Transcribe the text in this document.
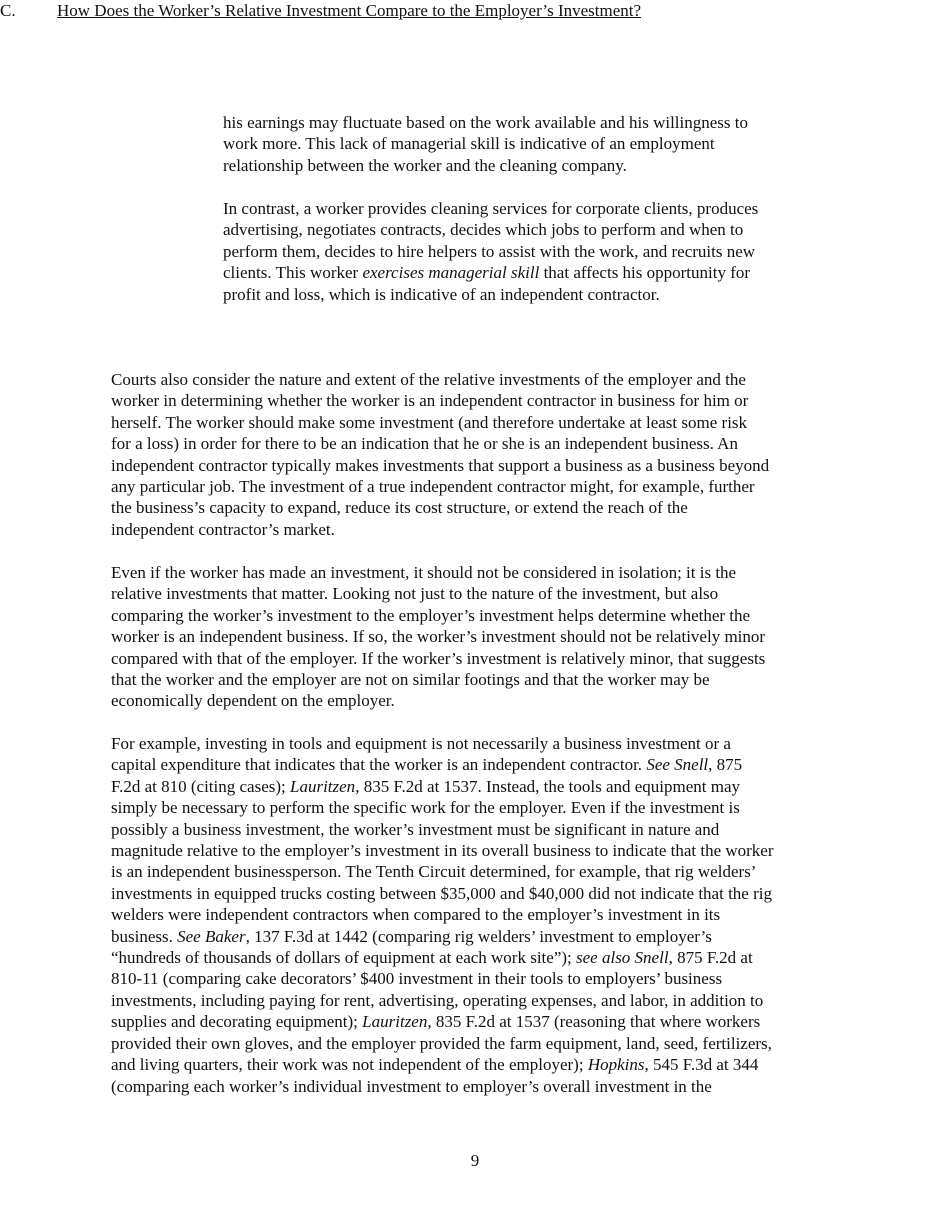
his earnings may fluctuate based on the work available and his willingness to
work more. This lack of managerial skill is indicative of an employment
relationship between the worker and the cleaning company.

In contrast, a worker provides cleaning services for corporate clients, produces
advertising, negotiates contracts, decides which jobs to perform and when to
perform them, decides to hire helpers to assist with the work, and recruits new
clients. This worker exercises managerial skill that affects his opportunity for
profit and loss, which is indicative of an independent contractor.

C. How Does the Worker’s Relative Investment Compare to the Employer’s Investment?

Courts also consider the nature and extent of the relative investments of the employer and the
worker in determining whether the worker is an independent contractor in business for him or
herself. The worker should make some investment (and therefore undertake at least some risk
for a loss) in order for there to be an indication that he or she is an independent business. An
independent contractor typically makes investments that support a business as a business beyond
any particular job. The investment of a true independent contractor might, for example, further
the business’s capacity to expand, reduce its cost structure, or extend the reach of the
independent contractor’s market.

Even if the worker has made an investment, it should not be considered in isolation; it is the
relative investments that matter. Looking not just to the nature of the investment, but also
comparing the worker’s investment to the employer’s investment helps determine whether the
worker is an independent business. If so, the worker’s investment should not be relatively minor
compared with that of the employer. If the worker’s investment is relatively minor, that suggests
that the worker and the employer are not on similar footings and that the worker may be
economically dependent on the employer.

For example, investing in tools and equipment is not necessarily a business investment or a
capital expenditure that indicates that the worker is an independent contractor. See Snell, 875
F.2d at 810 (citing cases); Lauritzen, 835 F.2d at 1537. Instead, the tools and equipment may
simply be necessary to perform the specific work for the employer. Even if the investment is
possibly a business investment, the worker’s investment must be significant in nature and
magnitude relative to the employer’s investment in its overall business to indicate that the worker
is an independent businessperson. The Tenth Circuit determined, for example, that rig welders’
investments in equipped trucks costing between $35,000 and $40,000 did not indicate that the rig
welders were independent contractors when compared to the employer’s investment in its
business. See Baker, 137 F.3d at 1442 (comparing rig welders’ investment to employer’s
“hundreds of thousands of dollars of equipment at each work site”); see also Snell, 875 F.2d at
810-11 (comparing cake decorators’ $400 investment in their tools to employers’ business
investments, including paying for rent, advertising, operating expenses, and labor, in addition to
supplies and decorating equipment); Lauritzen, 835 F.2d at 1537 (reasoning that where workers
provided their own gloves, and the employer provided the farm equipment, land, seed, fertilizers,
and living quarters, their work was not independent of the employer); Hopkins, 545 F.3d at 344
(comparing each worker’s individual investment to employer’s overall investment in the

9
